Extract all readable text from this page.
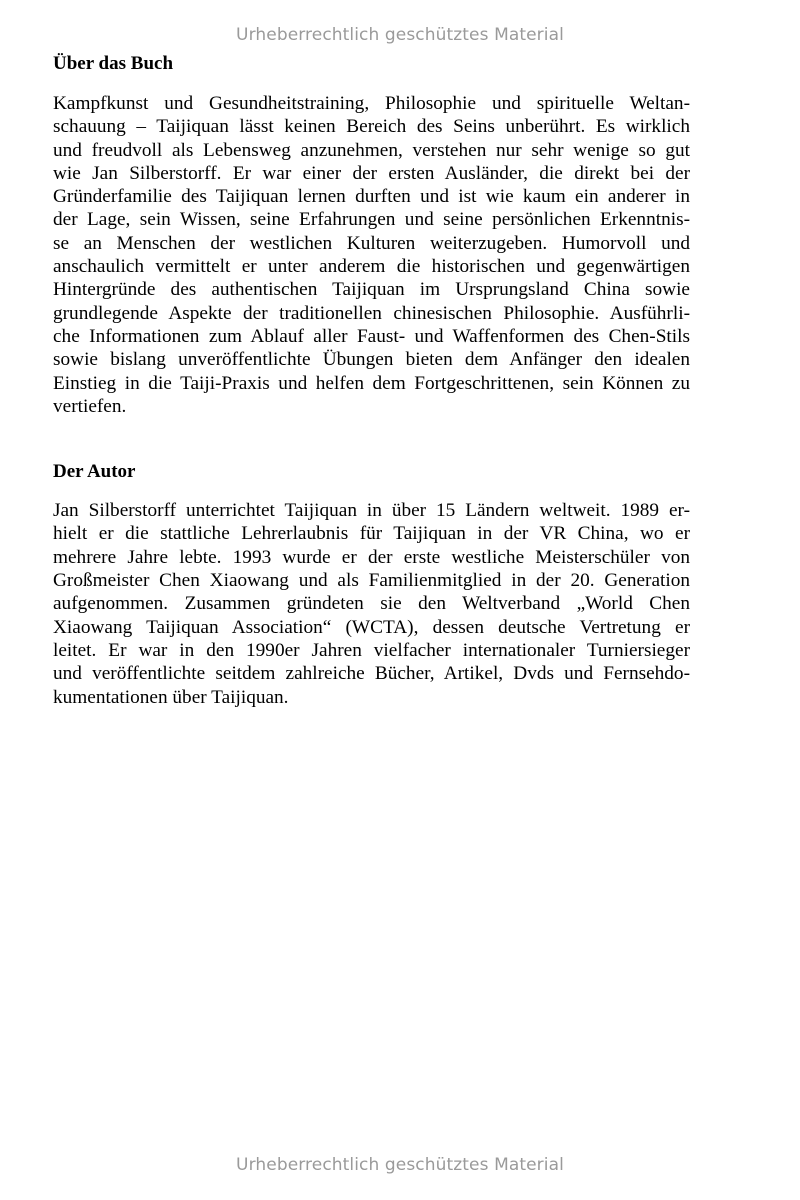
Urheberrechtlich geschütztes Material
Über das Buch

Kampfkunst und Gesundheitstraining, Philosophie und spirituelle Weltan-
schauung – Taijiquan lässt keinen Bereich des Seins unberührt. Es wirklich
und freudvoll als Lebensweg anzunehmen, verstehen nur sehr wenige so gut
wie Jan Silberstorff. Er war einer der ersten Ausländer, die direkt bei der
Gründerfamilie des Taijiquan lernen durften und ist wie kaum ein anderer in
der Lage, sein Wissen, seine Erfahrungen und seine persönlichen Erkenntnis-
se an Menschen der westlichen Kulturen weiterzugeben. Humorvoll und
anschaulich vermittelt er unter anderem die historischen und gegenwärtigen
Hintergründe des authentischen Taijiquan im Ursprungsland China sowie
grundlegende Aspekte der traditionellen chinesischen Philosophie. Ausführli-
che Informationen zum Ablauf aller Faust- und Waffenformen des Chen-Stils
sowie bislang unveröffentlichte Übungen bieten dem Anfänger den idealen
Einstieg in die Taiji-Praxis und helfen dem Fortgeschrittenen, sein Können zu
vertiefen.

Der Autor

Jan Silberstorff unterrichtet Taijiquan in über 15 Ländern weltweit. 1989 er-
hielt er die stattliche Lehrerlaubnis für Taijiquan in der VR China, wo er
mehrere Jahre lebte. 1993 wurde er der erste westliche Meisterschüler von
Großmeister Chen Xiaowang und als Familienmitglied in der 20. Generation
aufgenommen. Zusammen gründeten sie den Weltverband „World Chen
Xiaowang Taijiquan Association“ (WCTA), dessen deutsche Vertretung er
leitet. Er war in den 1990er Jahren vielfacher internationaler Turniersieger
und veröffentlichte seitdem zahlreiche Bücher, Artikel, Dvds und Fernsehdo-
kumentationen über Taijiquan.

Urheberrechtlich geschütztes Material
